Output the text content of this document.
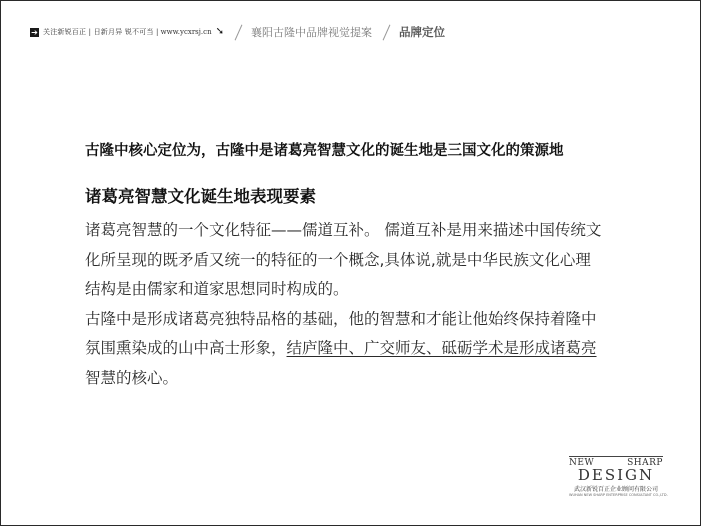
➔ 关注新锐百正 | 日新月异 锐不可当 | www.ycxrsj.cn ➘ 襄阳古隆中品牌视觉提案 品牌定位
古隆中核心定位为，古隆中是诸葛亮智慧文化的诞生地是三国文化的策源地
诸葛亮智慧文化诞生地表现要素
诸葛亮智慧的一个文化特征——儒道互补。 儒道互补是用来描述中国传统文
化所呈现的既矛盾又统一的特征的一个概念,具体说,就是中华民族文化心理
结构是由儒家和道家思想同时构成的。
古隆中是形成诸葛亮独特品格的基础，他的智慧和才能让他始终保持着隆中
氛围熏染成的山中高士形象，结庐隆中、广交师友、砥砺学术是形成诸葛亮
智慧的核心。
NEW	SHARP
DESIGN
武汉新锐百正企业顾问有限公司
WUHAN NEW SHARP ENTERPRISE CONSULTANT CO.,LTD.
